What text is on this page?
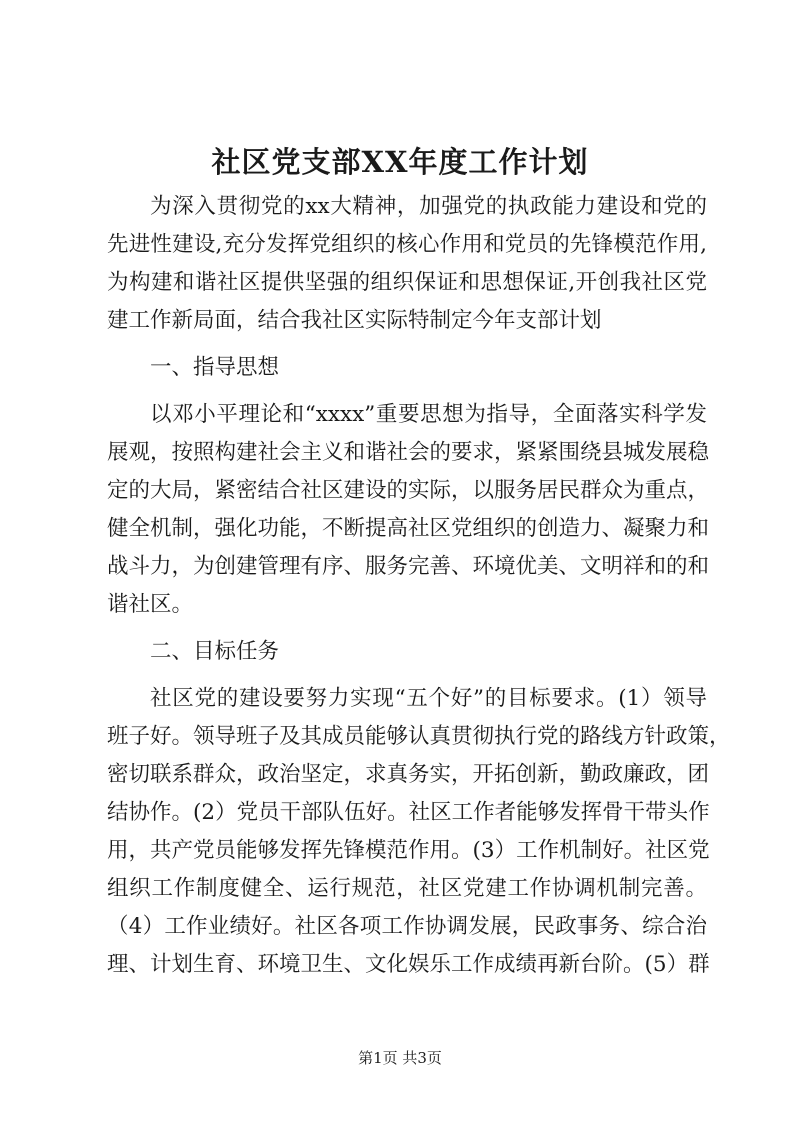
社区党支部XX年度工作计划
为深入贯彻党的xx大精神，加强党的执政能力建设和党的
先进性建设,充分发挥党组织的核心作用和党员的先锋模范作用,
为构建和谐社区提供坚强的组织保证和思想保证,开创我社区党
建工作新局面，结合我社区实际特制定今年支部计划
一、指导思想
以邓小平理论和“xxxx”重要思想为指导，全面落实科学发
展观，按照构建社会主义和谐社会的要求，紧紧围绕县城发展稳
定的大局，紧密结合社区建设的实际，以服务居民群众为重点，
健全机制，强化功能，不断提高社区党组织的创造力、凝聚力和
战斗力，为创建管理有序、服务完善、环境优美、文明祥和的和
谐社区。
二、目标任务
社区党的建设要努力实现“五个好”的目标要求。(1）领导
班子好。领导班子及其成员能够认真贯彻执行党的路线方针政策，
密切联系群众，政治坚定，求真务实，开拓创新，勤政廉政，团
结协作。(2）党员干部队伍好。社区工作者能够发挥骨干带头作
用，共产党员能够发挥先锋模范作用。(3）工作机制好。社区党
组织工作制度健全、运行规范，社区党建工作协调机制完善。
（4）工作业绩好。社区各项工作协调发展，民政事务、综合治
理、计划生育、环境卫生、文化娱乐工作成绩再新台阶。(5）群
第1页 共3页
